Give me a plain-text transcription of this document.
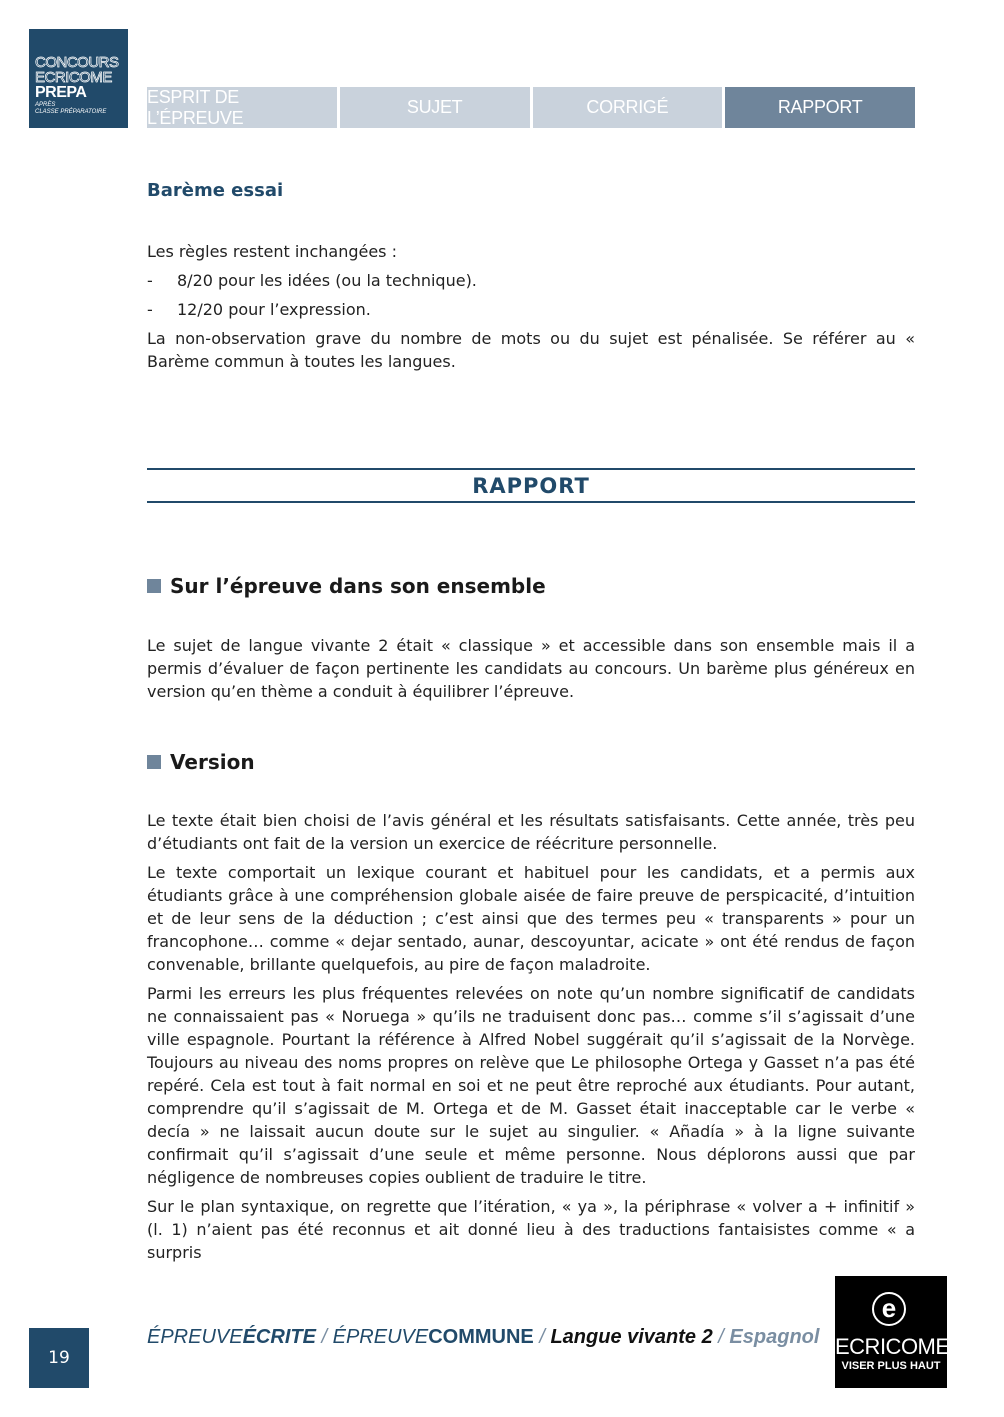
CONCOURS
ECRICOME
PREPA
APRÈS
CLASSE PRÉPARATOIRE
ESPRIT DE L’ÉPREUVE
SUJET	CORRIGÉ	RAPPORT
Barème essai

Les règles restent inchangées :

-	8/20 pour les idées (ou la technique).
-	12/20 pour l’expression.

La non-observation grave du nombre de mots ou du sujet est pénalisée. Se référer au « Barème commun à toutes les langues.

RAPPORT
Sur l’épreuve dans son ensemble

Le sujet de langue vivante 2 était « classique » et accessible dans son ensemble mais il a permis d’évaluer de façon pertinente les candidats au concours. Un barème plus généreux en version qu’en thème a conduit à équilibrer l’épreuve.

Version

Le texte était bien choisi de l’avis général et les résultats satisfaisants. Cette année, très peu d’étudiants ont fait de la version un exercice de réécriture personnelle.

Le texte comportait un lexique courant et habituel pour les candidats, et a permis aux étudiants grâce à une compréhension globale aisée de faire preuve de perspicacité, d’intuition et de leur sens de la déduction ; c’est ainsi que des termes peu « transparents » pour un francophone… comme « dejar sentado, aunar, descoyuntar, acicate » ont été rendus de façon convenable, brillante quelquefois, au pire de façon maladroite.

Parmi les erreurs les plus fréquentes relevées on note qu’un nombre significatif de candidats ne connaissaient pas « Noruega » qu’ils ne traduisent donc pas… comme s’il s’agissait d’une ville espagnole. Pourtant la référence à Alfred Nobel suggérait qu’il s’agissait de la Norvège. Toujours au niveau des noms propres on relève que Le philosophe Ortega y Gasset n’a pas été repéré. Cela est tout à fait normal en soi et ne peut être reproché aux étudiants. Pour autant, comprendre qu’il s’agissait de M. Ortega et de M. Gasset était inacceptable car le verbe « decía » ne laissait aucun doute sur le sujet au singulier. « Añadía » à la ligne suivante confirmait qu’il s’agissait d’une seule et même personne. Nous déplorons aussi que par négligence de nombreuses copies oublient de traduire le titre.

Sur le plan syntaxique, on regrette que l’itération, « ya », la périphrase « volver a + infinitif » (l. 1) n’aient pas été reconnus et ait donné lieu à des traductions fantaisistes comme « a surpris

19
ÉPREUVEÉCRITE / ÉPREUVECOMMUNE / Langue vivante 2 / Espagnol
e
ECRICOME
VISER PLUS HAUT
